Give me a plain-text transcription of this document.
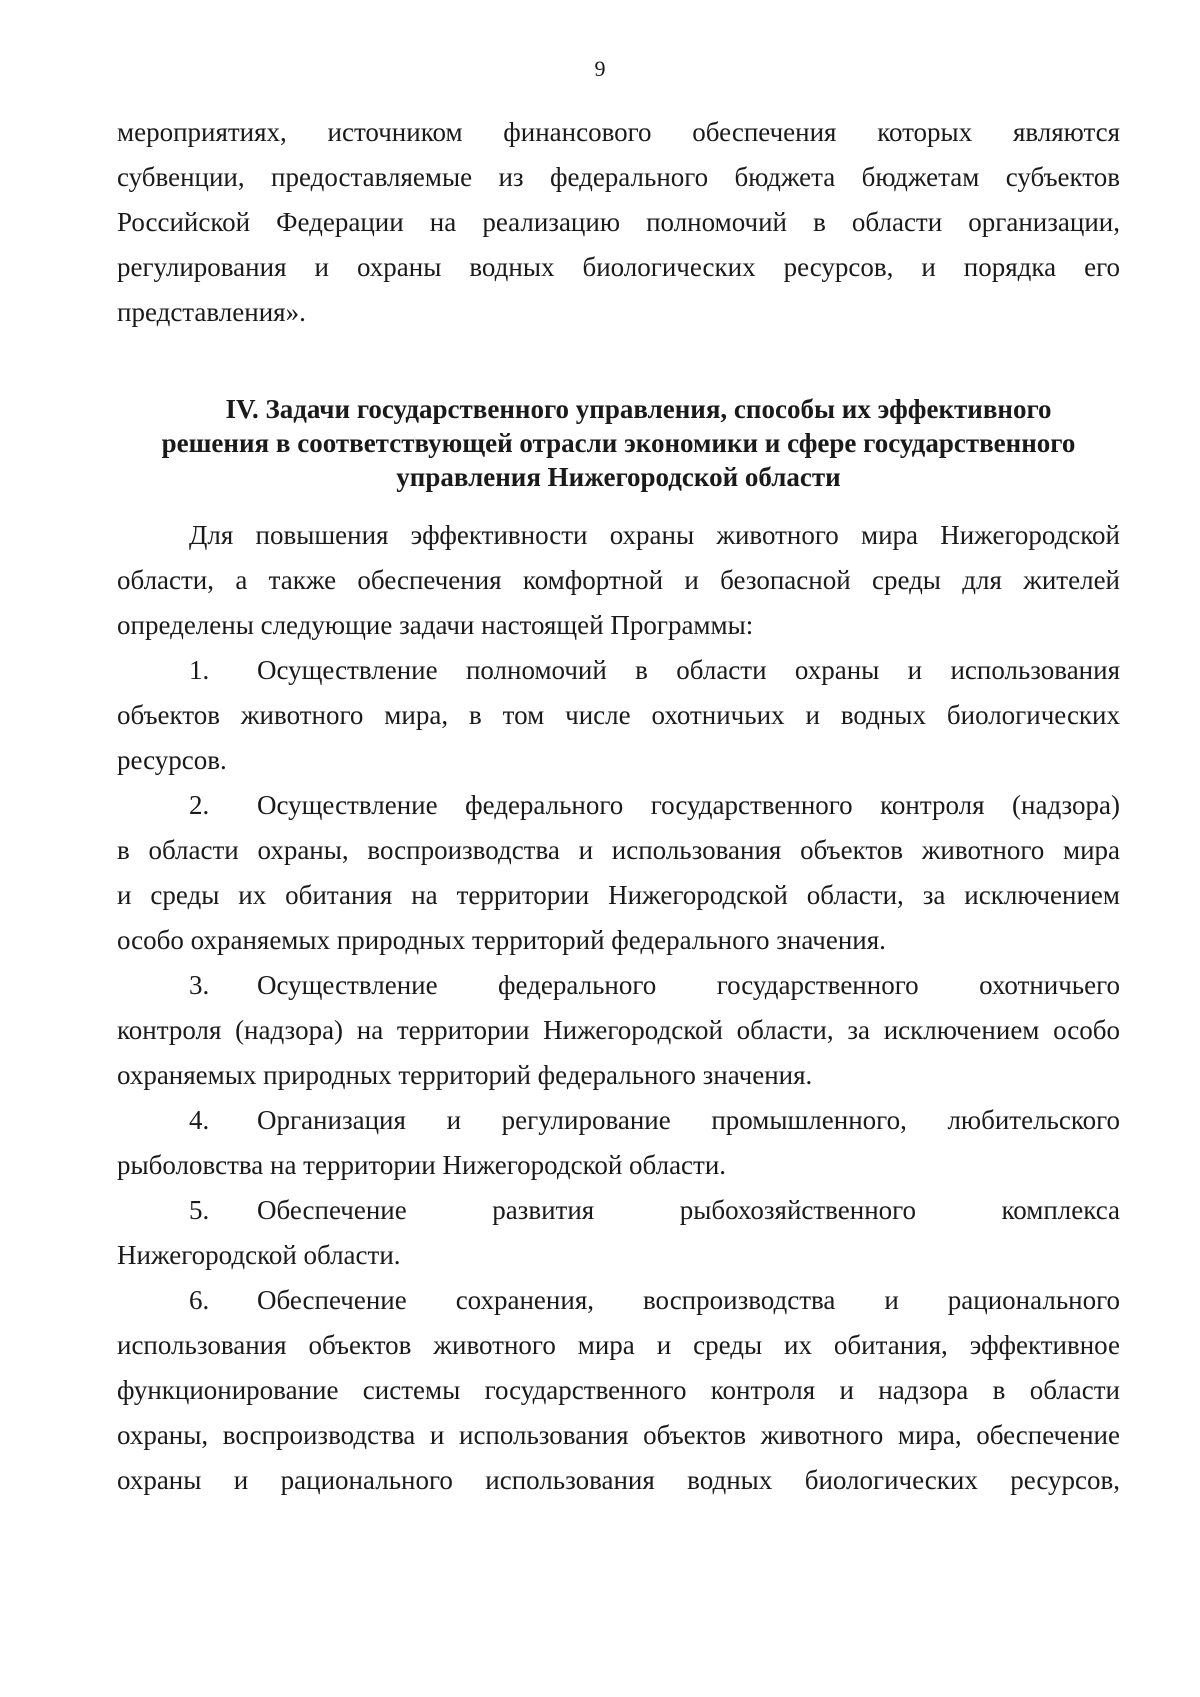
9
мероприятиях, источником финансового обеспечения которых являются
субвенции, предоставляемые из федерального бюджета бюджетам субъектов
Российской Федерации на реализацию полномочий в области организации,
регулирования и охраны водных биологических ресурсов, и порядка его
представления».
IV. Задачи государственного управления, способы их эффективного
решения в соответствующей отрасли экономики и сфере государственного
управления Нижегородской области
Для повышения эффективности охраны животного мира Нижегородской
области, а также обеспечения комфортной и безопасной среды для жителей
определены следующие задачи настоящей Программы:
1.	Осуществление полномочий в области охраны и использования
объектов животного мира, в том числе охотничьих и водных биологических
ресурсов.
2.	Осуществление федерального государственного контроля (надзора)
в области охраны, воспроизводства и использования объектов животного мира
и среды их обитания на территории Нижегородской области, за исключением
особо охраняемых природных территорий федерального значения.
3.	Осуществление федерального государственного охотничьего
контроля (надзора) на территории Нижегородской области, за исключением особо
охраняемых природных территорий федерального значения.
4.	Организация и регулирование промышленного, любительского
рыболовства на территории Нижегородской области.
5.	Обеспечение развития рыбохозяйственного комплекса
Нижегородской области.
6.	Обеспечение сохранения, воспроизводства и рационального
использования объектов животного мира и среды их обитания, эффективное
функционирование системы государственного контроля и надзора в области
охраны, воспроизводства и использования объектов животного мира, обеспечение
охраны и рационального использования водных биологических ресурсов,
